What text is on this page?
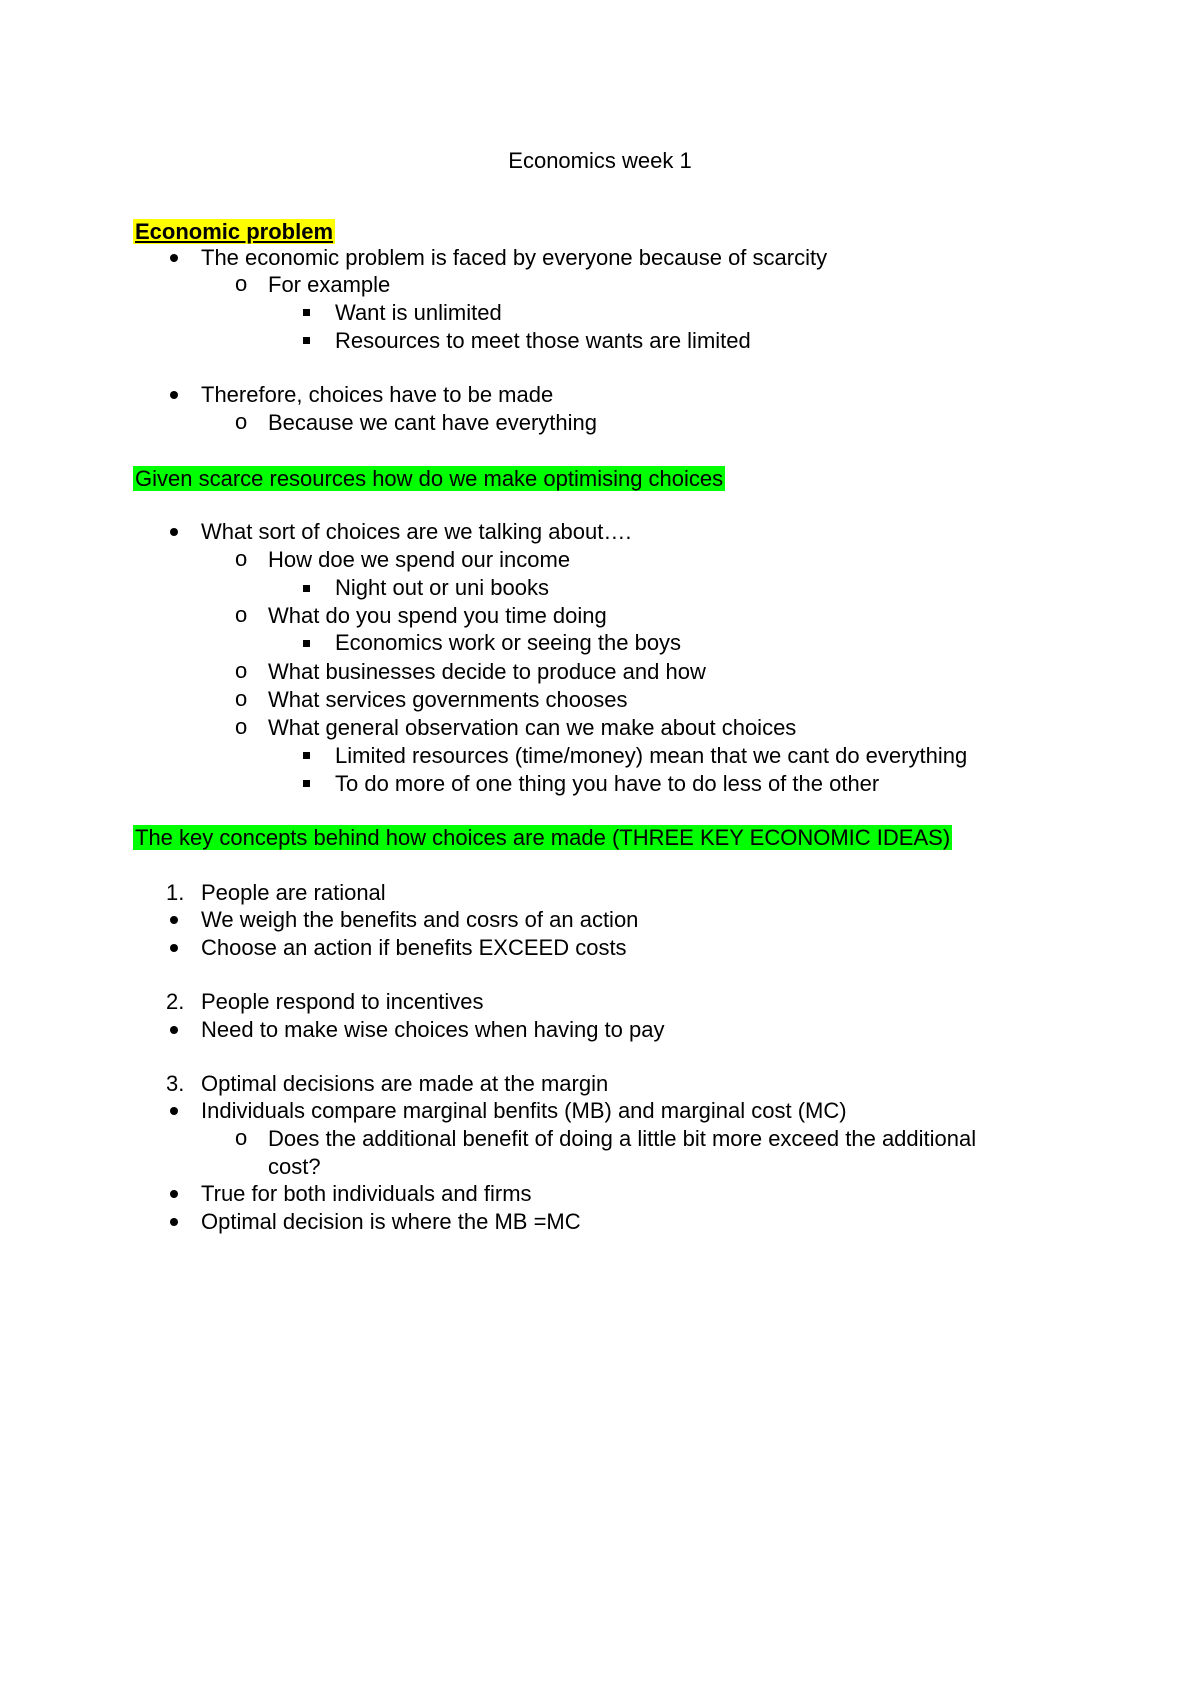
Economics week 1
Economic problem
The economic problem is faced by everyone because of scarcity
o For example
Want is unlimited
Resources to meet those wants are limited
Therefore, choices have to be made
o Because we cant have everything
Given scarce resources how do we make optimising choices
What sort of choices are we talking about….
o How doe we spend our income
Night out or uni books
o What do you spend you time doing
Economics work or seeing the boys
o What businesses decide to produce and how
o What services governments chooses
o What general observation can we make about choices
Limited resources (time/money) mean that we cant do everything
To do more of one thing you have to do less of the other
The key concepts behind how choices are made (THREE KEY ECONOMIC IDEAS)
1. People are rational
We weigh the benefits and cosrs of an action
Choose an action if benefits EXCEED costs
2. People respond to incentives
Need to make wise choices when having to pay
3. Optimal decisions are made at the margin
Individuals compare marginal benfits (MB) and marginal cost (MC)
o Does the additional benefit of doing a little bit more exceed the additional
cost?
True for both individuals and firms
Optimal decision is where the MB =MC
